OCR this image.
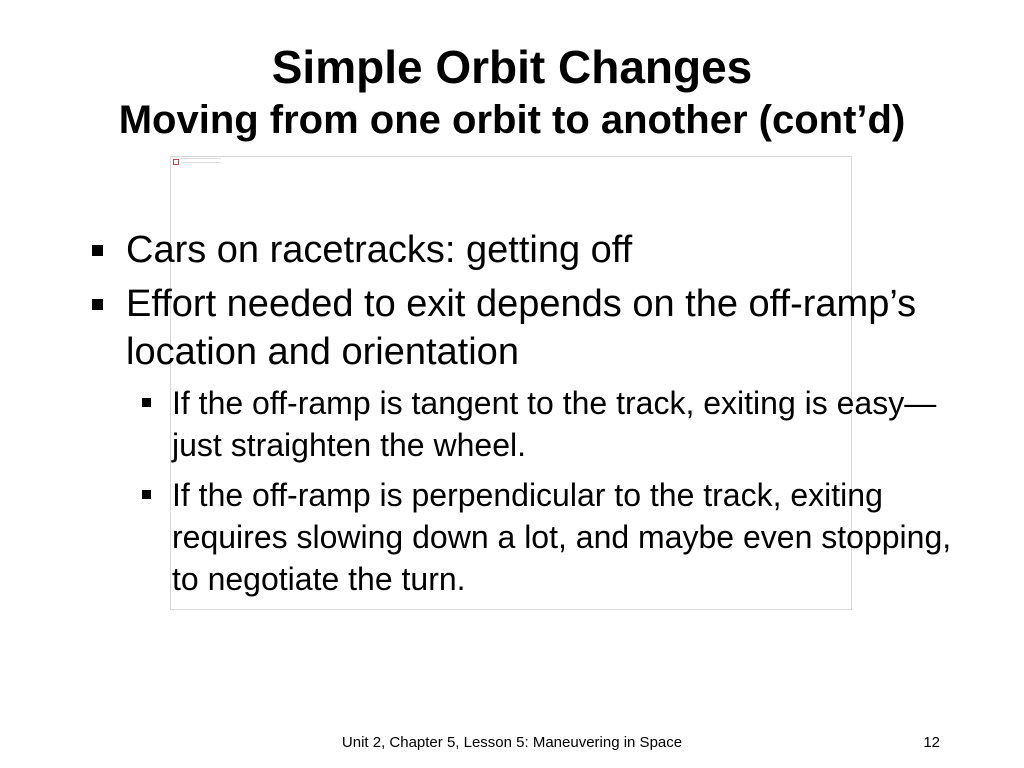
Simple Orbit Changes
Moving from one orbit to another (cont’d)
Cars on racetracks: getting off
Effort needed to exit depends on the off-ramp’s location and orientation
If the off-ramp is tangent to the track, exiting is easy—just straighten the wheel.
If the off-ramp is perpendicular to the track, exiting requires slowing down a lot, and maybe even stopping, to negotiate the turn.
Unit 2, Chapter 5, Lesson 5: Maneuvering in Space	12
